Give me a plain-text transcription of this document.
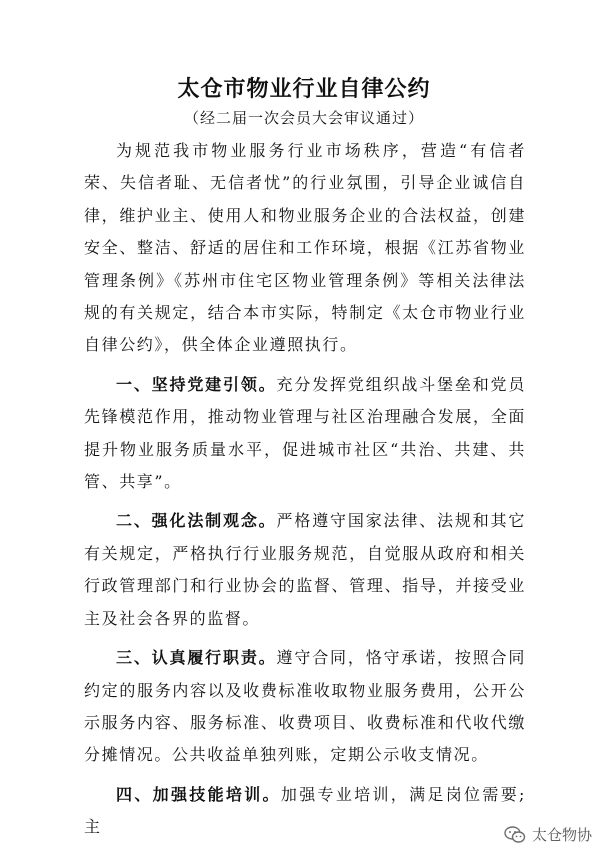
太仓市物业行业自律公约
（经二届一次会员大会审议通过）

为规范我市物业服务行业市场秩序，营造“有信者荣、失信者耻、无信者忧”的行业氛围，引导企业诚信自律，维护业主、使用人和物业服务企业的合法权益，创建安全、整洁、舒适的居住和工作环境，根据《江苏省物业管理条例》《苏州市住宅区物业管理条例》等相关法律法规的有关规定，结合本市实际，特制定《太仓市物业行业自律公约》，供全体企业遵照执行。

一、坚持党建引领。充分发挥党组织战斗堡垒和党员先锋模范作用，推动物业管理与社区治理融合发展，全面提升物业服务质量水平，促进城市社区“共治、共建、共管、共享”。

二、强化法制观念。严格遵守国家法律、法规和其它有关规定，严格执行行业服务规范，自觉服从政府和相关行政管理部门和行业协会的监督、管理、指导，并接受业主及社会各界的监督。

三、认真履行职责。遵守合同，恪守承诺，按照合同约定的服务内容以及收费标准收取物业服务费用，公开公示服务内容、服务标准、收费项目、收费标准和代收代缴分摊情况。公共收益单独列账，定期公示收支情况。

四、加强技能培训。加强专业培训，满足岗位需要;主	太仓物协
